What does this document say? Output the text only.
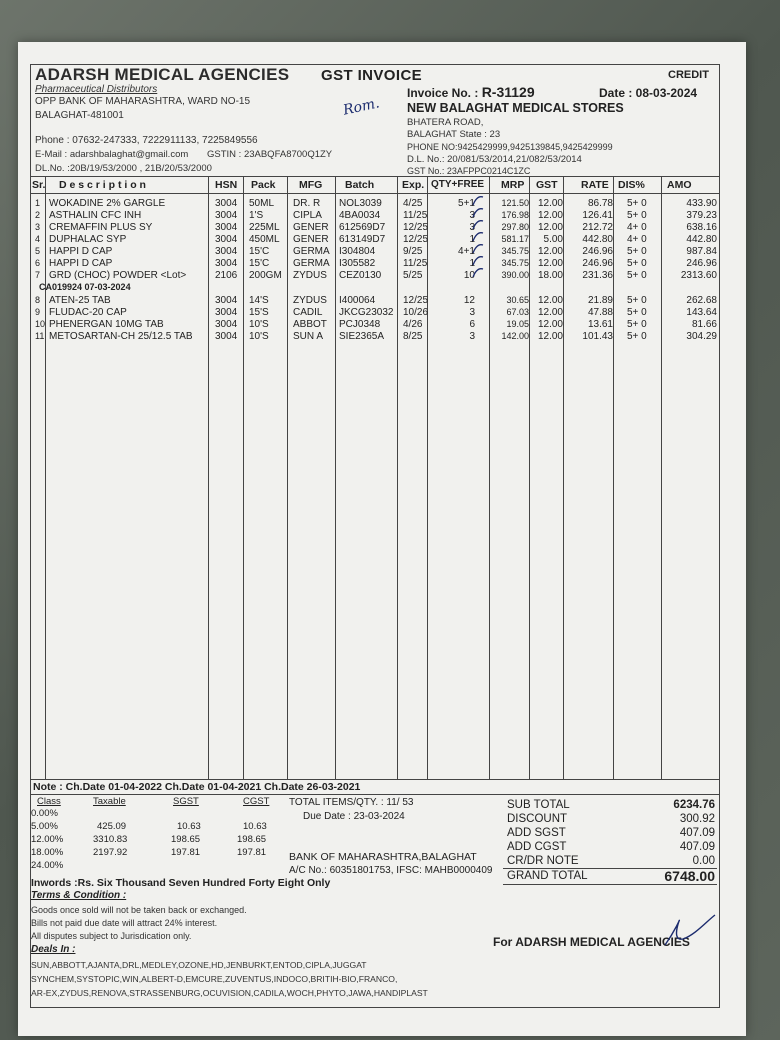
ADARSH MEDICAL AGENCIES
Pharmaceutical Distributors
OPP BANK OF MAHARASHTRA, WARD NO-15
BALAGHAT-481001
Phone : 07632-247333, 7222911133, 7225849556
E-Mail : adarshbalaghat@gmail.com GSTIN : 23ABQFA8700Q1ZY
DL.No. :20B/19/53/2000 , 21B/20/53/2000
GST INVOICE	CREDIT
Invoice No. : R-31129	Date : 08-03-2024
Rom. NEW BALAGHAT MEDICAL STORES
BHATERA ROAD,
BALAGHAT State : 23
PHONE NO:9425429999,9425139845,9425429999
D.L. No.: 20/081/53/2014,21/082/53/2014
GST No.: 23AFPPC0214C1ZC
Sr. D e s c r i p t i o n	HSN Pack MFG Batch	Exp. QTY+FREE MRP GST RATE DIS% AMO
1 WOKADINE 2% GARGLE	3004 50ML DR. R NOL3039 4/25	5+1	121.50 12.00 86.78 5+ 0	433.90
2 ASTHALIN CFC INH	3004 1'S	CIPLA 4BA0034 11/25	3	176.98 12.00 126.41 5+ 0	379.23
3 CREMAFFIN PLUS SY	3004 225ML GENER 612569D7 12/25	3	297.80 12.00 212.72 4+ 0	638.16
4 DUPHALAC SYP	3004 450ML GENER 613149D7 12/25	1	581.17 5.00 442.80 4+ 0	442.80
5 HAPPI D CAP	3004 15'C GERMA I304804	9/25	4+1	345.75 12.00 246.96 5+ 0	987.84
6 HAPPI D CAP	3004 15'C GERMA I305582	11/25	1	345.75 12.00 246.96 5+ 0	246.96
7 GRD (CHOC) POWDER <Lot>	2106 200GM ZYDUS CEZ0130 5/25	10	390.00 18.00 231.36 5+ 0	2313.60
CA019924 07-03-2024
8 ATEN-25 TAB	3004 14'S ZYDUS I400064	12/25	12	30.65 12.00 21.89 5+ 0	262.68
9 FLUDAC-20 CAP	3004 15'S CADIL JKCG23032 10/26	3	67.03 12.00 47.88 5+ 0	143.64
10 PHENERGAN 10MG TAB	3004 10'S ABBOT PCJ0348 4/26	6	19.05 12.00 13.61 5+ 0	81.66
11 METOSARTAN-CH 25/12.5 TAB 3004 10'S SUN A SIE2365A 8/25	3	142.00 12.00 101.43 5+ 0	304.29
Note : Ch.Date 01-04-2022 Ch.Date 01-04-2021 Ch.Date 26-03-2021
Class	Taxable	SGST	CGST
0.00%
5.00%	425.09	10.63	10.63
12.00%	3310.83	198.65	198.65
18.00%	2197.92	197.81	197.81
24.00%
TOTAL ITEMS/QTY. : 11/ 53
Due Date : 23-03-2024
BANK OF MAHARASHTRA,BALAGHAT
A/C No.: 60351801753, IFSC: MAHB0000409
SUB TOTAL	6234.76
DISCOUNT	300.92
ADD SGST	407.09
ADD CGST	407.09
CR/DR NOTE	0.00
GRAND TOTAL	6748.00
Inwords :Rs. Six Thousand Seven Hundred Forty Eight Only
Terms & Condition :
Goods once sold will not be taken back or exchanged.
Bills not paid due date will attract 24% interest.
All disputes subject to Jurisdication only.
Deals In :
SUN,ABBOTT,AJANTA,DRL,MEDLEY,OZONE,HD,JENBURKT,ENTOD,CIPLA,JUGGAT
SYNCHEM,SYSTOPIC,WIN,ALBERT-D,EMCURE,ZUVENTUS,INDOCO,BRITIH-BIO,FRANCO,
AR-EX,ZYDUS,RENOVA,STRASSENBURG,OCUVISION,CADILA,WOCH,PHYTO,JAWA,HANDIPLAST
For ADARSH MEDICAL AGENCIES
